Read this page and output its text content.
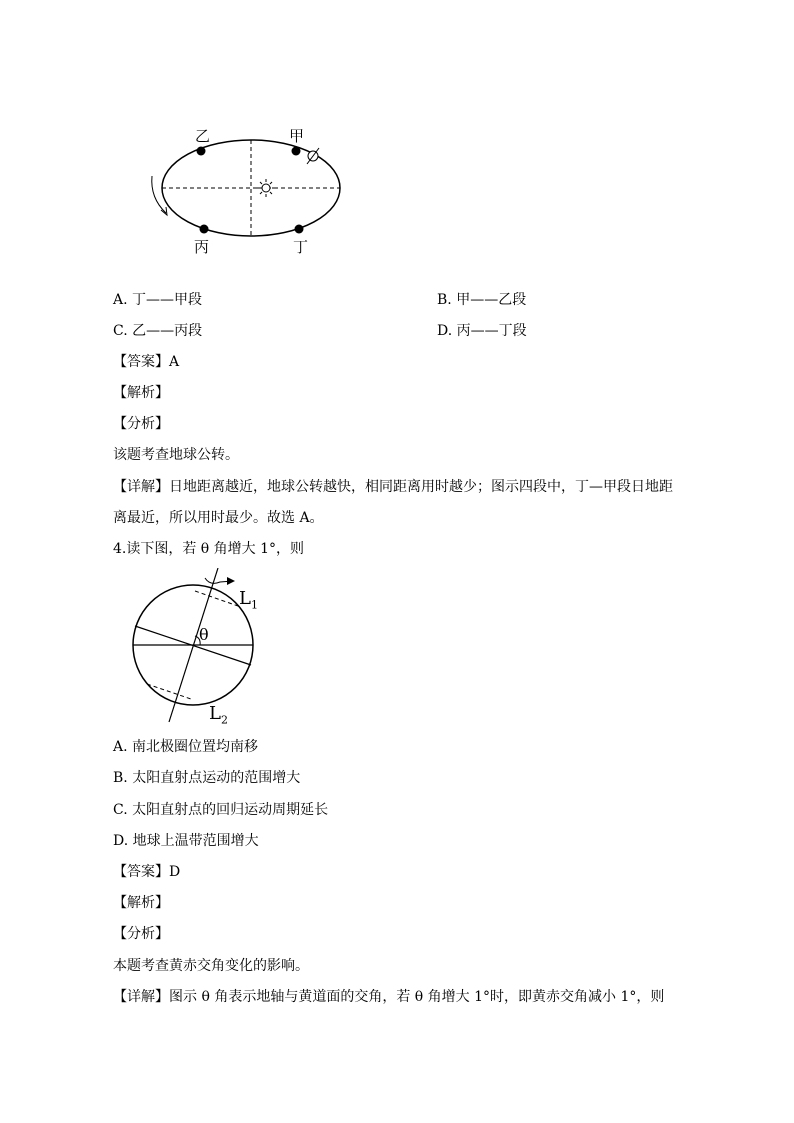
乙	甲
丙	丁
A. 丁——甲段	B. 甲——乙段
C. 乙——丙段	D. 丙——丁段
【答案】A
【解析】
【分析】
该题考查地球公转。
【详解】日地距离越近，地球公转越快，相同距离用时越少；图示四段中，丁—甲段日地距
离最近，所以用时最少。故选 A。
4.读下图，若 θ 角增大 1°，则
θ
$L_1$
$L_2$
A. 南北极圈位置均南移
B. 太阳直射点运动的范围增大
C. 太阳直射点的回归运动周期延长
D. 地球上温带范围增大
【答案】D
【解析】
【分析】
本题考查黄赤交角变化的影响。
【详解】图示 θ 角表示地轴与黄道面的交角，若 θ 角增大 1°时，即黄赤交角减小 1°，则
